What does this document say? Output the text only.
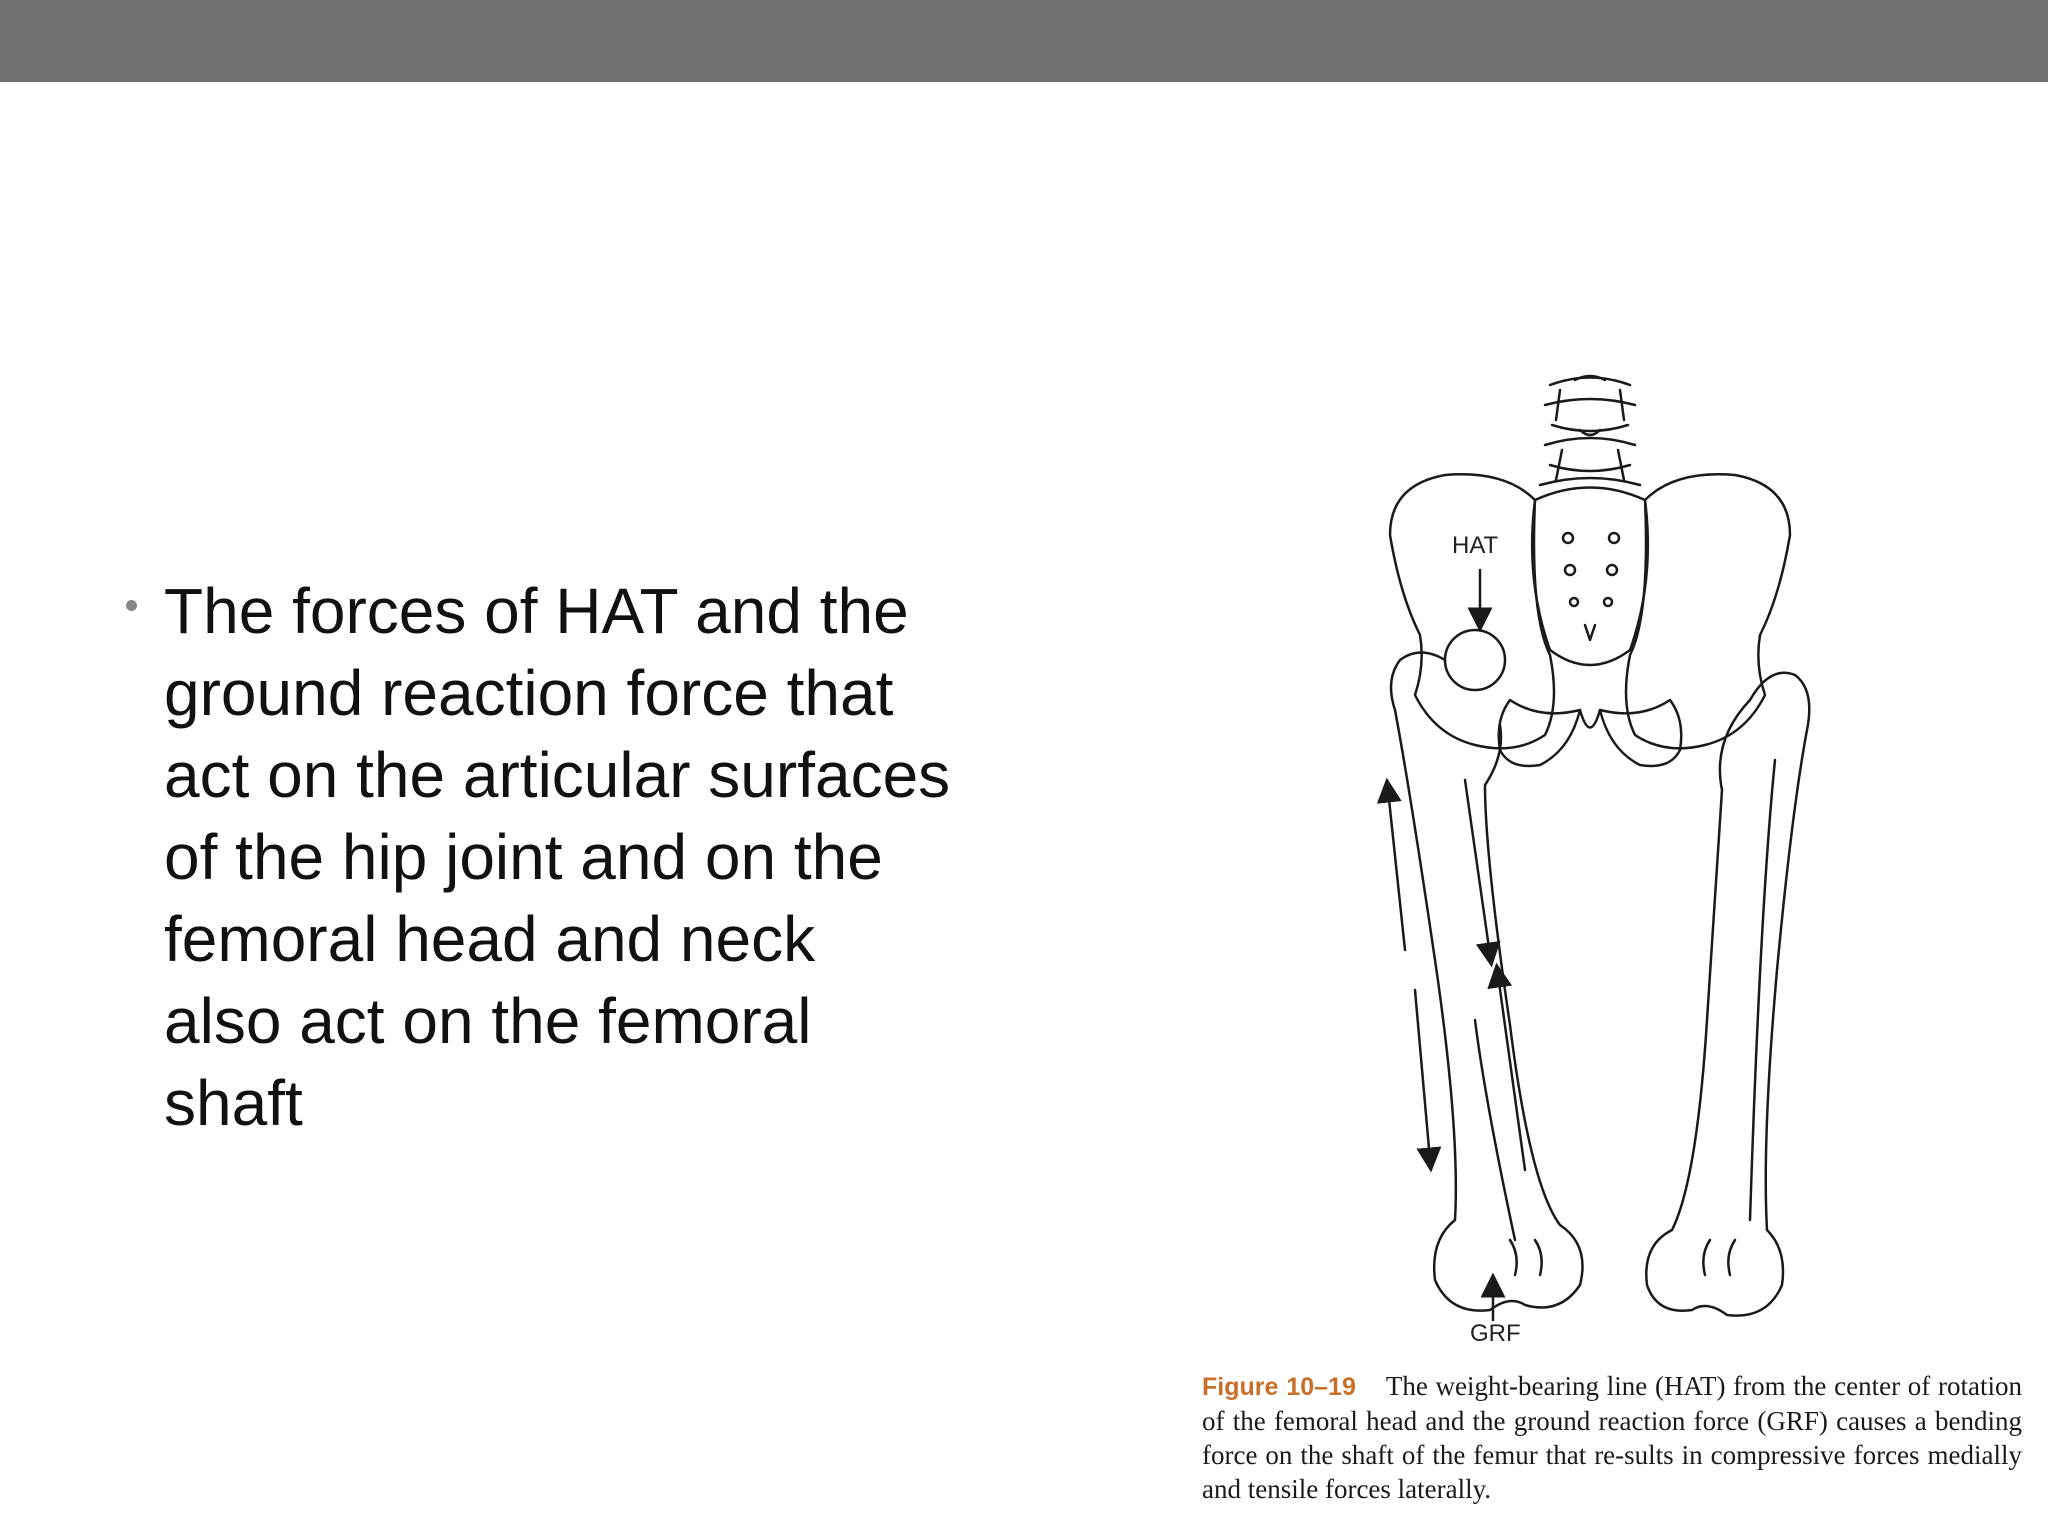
The forces of HAT and the
ground reaction force that
act on the articular surfaces
of the hip joint and on the
femoral head and neck
also act on the femoral
shaft

HAT
GRF
Figure 10–19 The weight-bearing line (HAT) from the center of rotation of the femoral head and the ground reaction force (GRF) causes a bending force on the shaft of the femur that re-sults in compressive forces medially and tensile forces laterally.
